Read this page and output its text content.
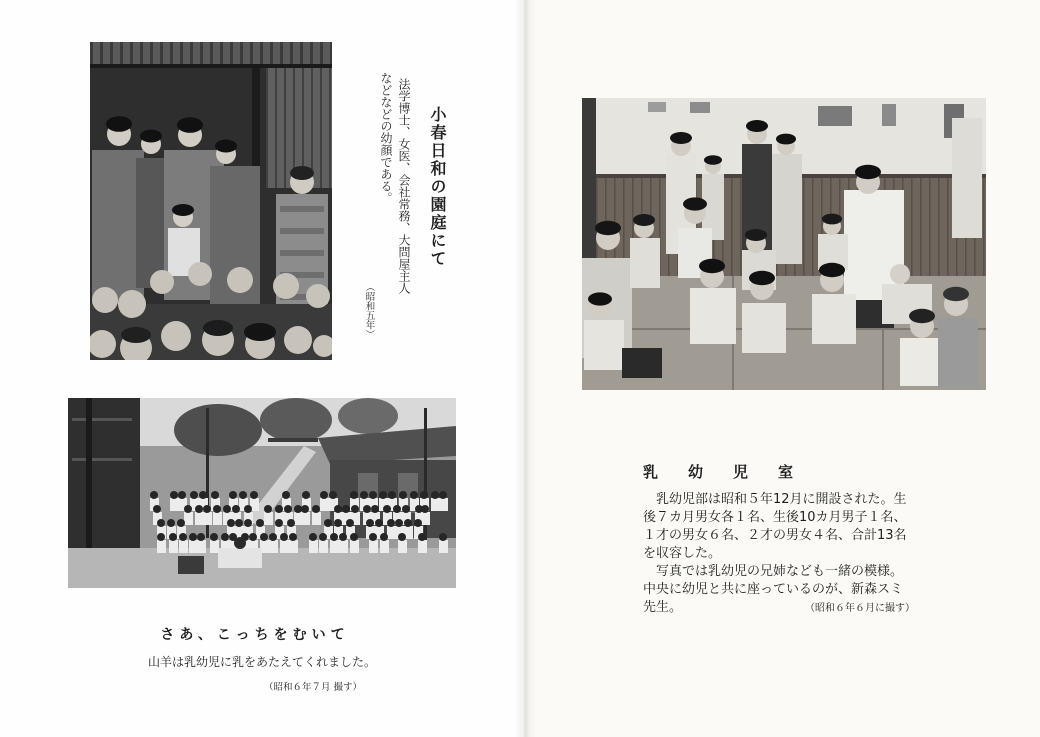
小春日和の園庭にて
法学博士、女医、会社常務、大問屋主人
などなどの幼顔である。
（昭和五年）
さあ、こっちをむいて
山羊は乳幼児に乳をあたえてくれました。
（昭和６年７月 撮す）
乳幼児室
　乳幼児部は昭和５年12月に開設された。生
後７カ月男女各１名、生後10カ月男子１名、
１才の男女６名、２才の男女４名、合計13名
を収容した。
　写真では乳幼児の兄姉なども一緒の模様。
中央に幼児と共に座っているのが、新森スミ
先生。	（昭和６年６月に撮す）
